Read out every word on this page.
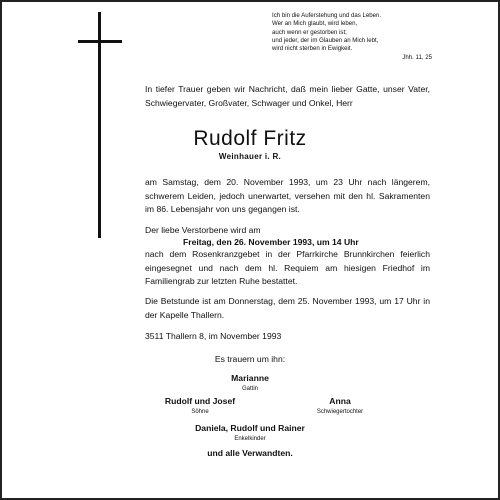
Ich bin die Auferstehung und das Leben.
Wer an Mich glaubt, wird leben,
auch wenn er gestorben ist;
und jeder, der im Glauben an Mich lebt,
wird nicht sterben in Ewigkeit.
Jhh. 11, 25
In tiefer Trauer geben wir Nachricht, daß mein lieber Gatte, unser Vater, Schwiegervater, Großvater, Schwager und Onkel, Herr
Rudolf Fritz
Weinhauer i. R.
am Samstag, dem 20. November 1993, um 23 Uhr nach längerem, schwerem Leiden, jedoch unerwartet, versehen mit den hl. Sakramenten im 86. Lebensjahr von uns gegangen ist.
Der liebe Verstorbene wird am
Freitag, den 26. November 1993, um 14 Uhr
nach dem Rosenkranzgebet in der Pfarrkirche Brunnkirchen feierlich eingesegnet und nach dem hl. Requiem am hiesigen Friedhof im Familiengrab zur letzten Ruhe bestattet.
Die Betstunde ist am Donnerstag, dem 25. November 1993, um 17 Uhr in der Kapelle Thallern.
3511 Thallern 8, im November 1993
Es trauern um ihn:
Marianne
Gattin
Rudolf und Josef
Söhne
Anna
Schwiegertochter
Daniela, Rudolf und Rainer
Enkelkinder
und alle Verwandten.
